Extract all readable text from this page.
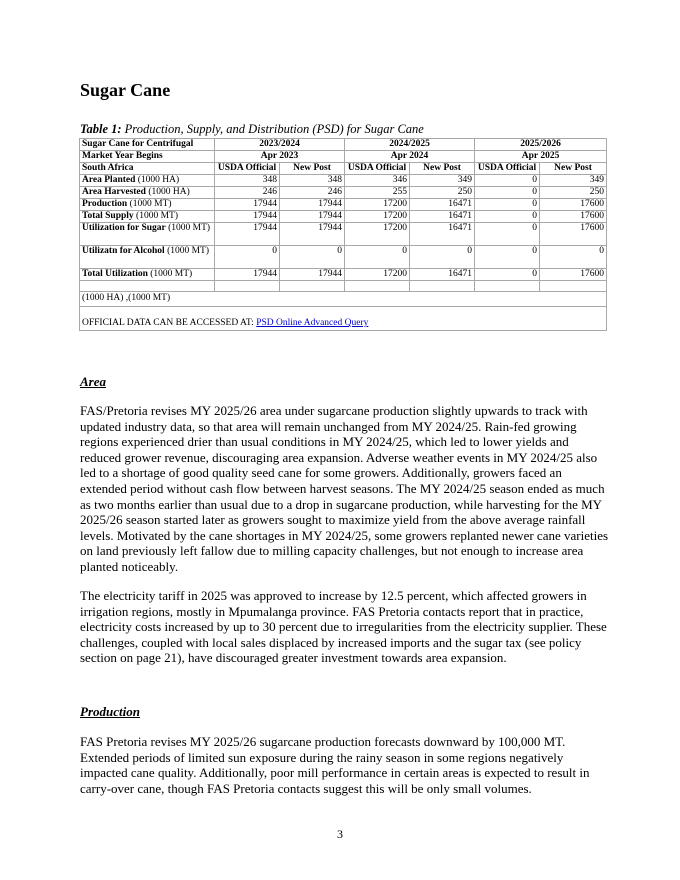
Sugar Cane
Table 1: Production, Supply, and Distribution (PSD) for Sugar Cane
Sugar Cane for Centrifugal	2023/2024		2024/2025		2025/2026	
Market Year Begins	Apr 2023		Apr 2024		Apr 2025	
South Africa	USDA Official	New Post	USDA Official	New Post	USDA Official	New Post
Area Planted (1000 HA)	348	348	346	349	0	349
Area Harvested (1000 HA)	246	246	255	250	0	250
Production (1000 MT)	17944	17944	17200	16471	0	17600
Total Supply (1000 MT)	17944	17944	17200	16471	0	17600
Utilization for Sugar (1000 MT)	17944	17944	17200	16471	0	17600
Utilizatn for Alcohol (1000 MT)	0	0	0	0	0	0
Total Utilization (1000 MT)	17944	17944	17200	16471	0	17600

(1000 HA) ,(1000 MT)						
OFFICIAL DATA CAN BE ACCESSED AT: PSD Online Advanced Query						
Area

FAS/Pretoria revises MY 2025/26 area under sugarcane production slightly upwards to track with updated industry data, so that area will remain unchanged from MY 2024/25. Rain-fed growing regions experienced drier than usual conditions in MY 2024/25, which led to lower yields and reduced grower revenue, discouraging area expansion. Adverse weather events in MY 2024/25 also led to a shortage of good quality seed cane for some growers. Additionally, growers faced an extended period without cash flow between harvest seasons. The MY 2024/25 season ended as much as two months earlier than usual due to a drop in sugarcane production, while harvesting for the MY 2025/26 season started later as growers sought to maximize yield from the above average rainfall levels. Motivated by the cane shortages in MY 2024/25, some growers replanted newer cane varieties on land previously left fallow due to milling capacity challenges, but not enough to increase area planted noticeably.

The electricity tariff in 2025 was approved to increase by 12.5 percent, which affected growers in irrigation regions, mostly in Mpumalanga province. FAS Pretoria contacts report that in practice, electricity costs increased by up to 30 percent due to irregularities from the electricity supplier. These challenges, coupled with local sales displaced by increased imports and the sugar tax (see policy section on page 21), have discouraged greater investment towards area expansion.

Production

FAS Pretoria revises MY 2025/26 sugarcane production forecasts downward by 100,000 MT. Extended periods of limited sun exposure during the rainy season in some regions negatively impacted cane quality. Additionally, poor mill performance in certain areas is expected to result in carry-over cane, though FAS Pretoria contacts suggest this will be only small volumes.

3
